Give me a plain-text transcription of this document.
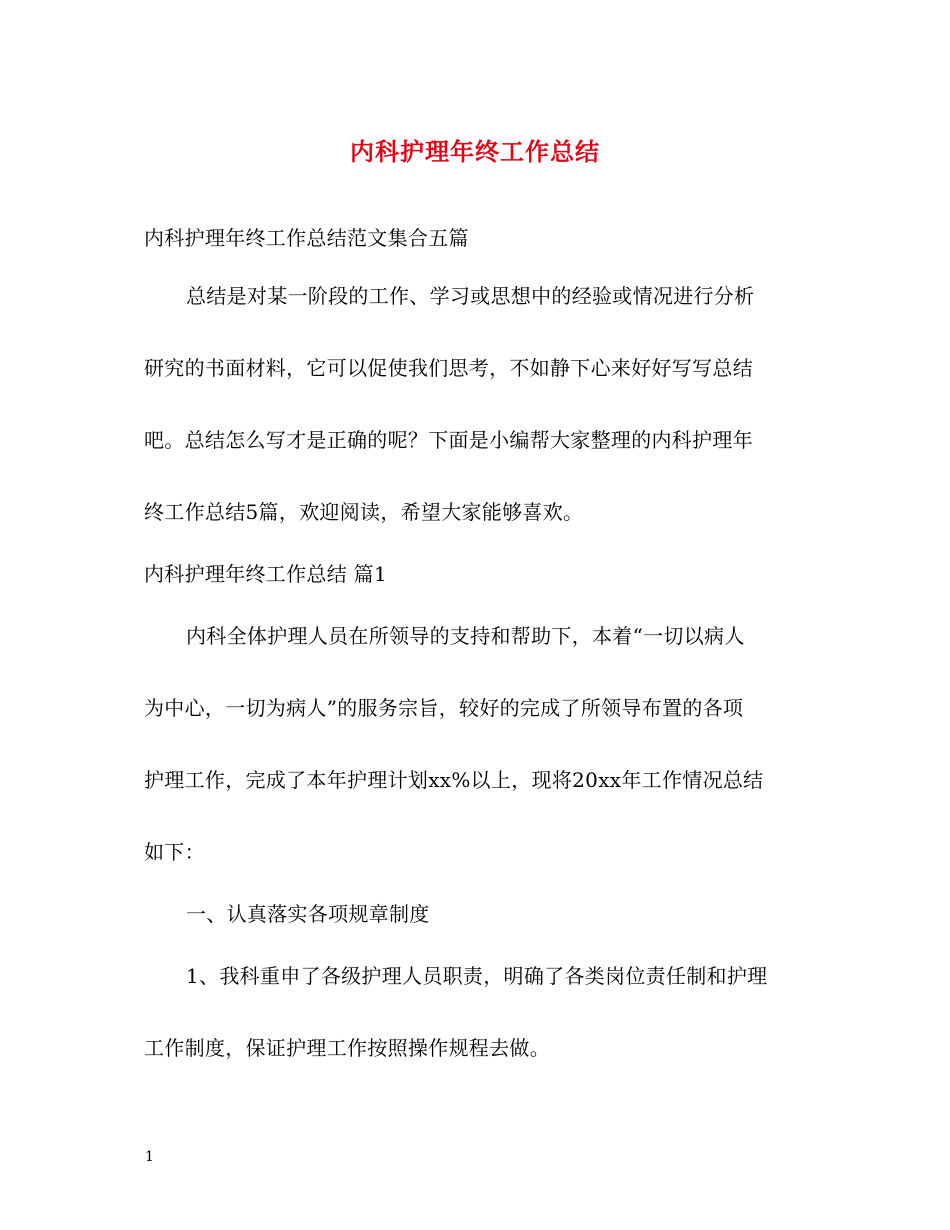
内科护理年终工作总结
内科护理年终工作总结范文集合五篇
总结是对某一阶段的工作、学习或思想中的经验或情况进行分析
研究的书面材料，它可以促使我们思考，不如静下心来好好写写总结
吧。总结怎么写才是正确的呢？下面是小编帮大家整理的内科护理年
终工作总结5篇，欢迎阅读，希望大家能够喜欢。
内科护理年终工作总结 篇1
内科全体护理人员在所领导的支持和帮助下，本着“一切以病人
为中心，一切为病人”的服务宗旨，较好的完成了所领导布置的各项
护理工作，完成了本年护理计划xx%以上，现将20xx年工作情况总结
如下：
一、认真落实各项规章制度
1、我科重申了各级护理人员职责，明确了各类岗位责任制和护理
工作制度，保证护理工作按照操作规程去做。
1
